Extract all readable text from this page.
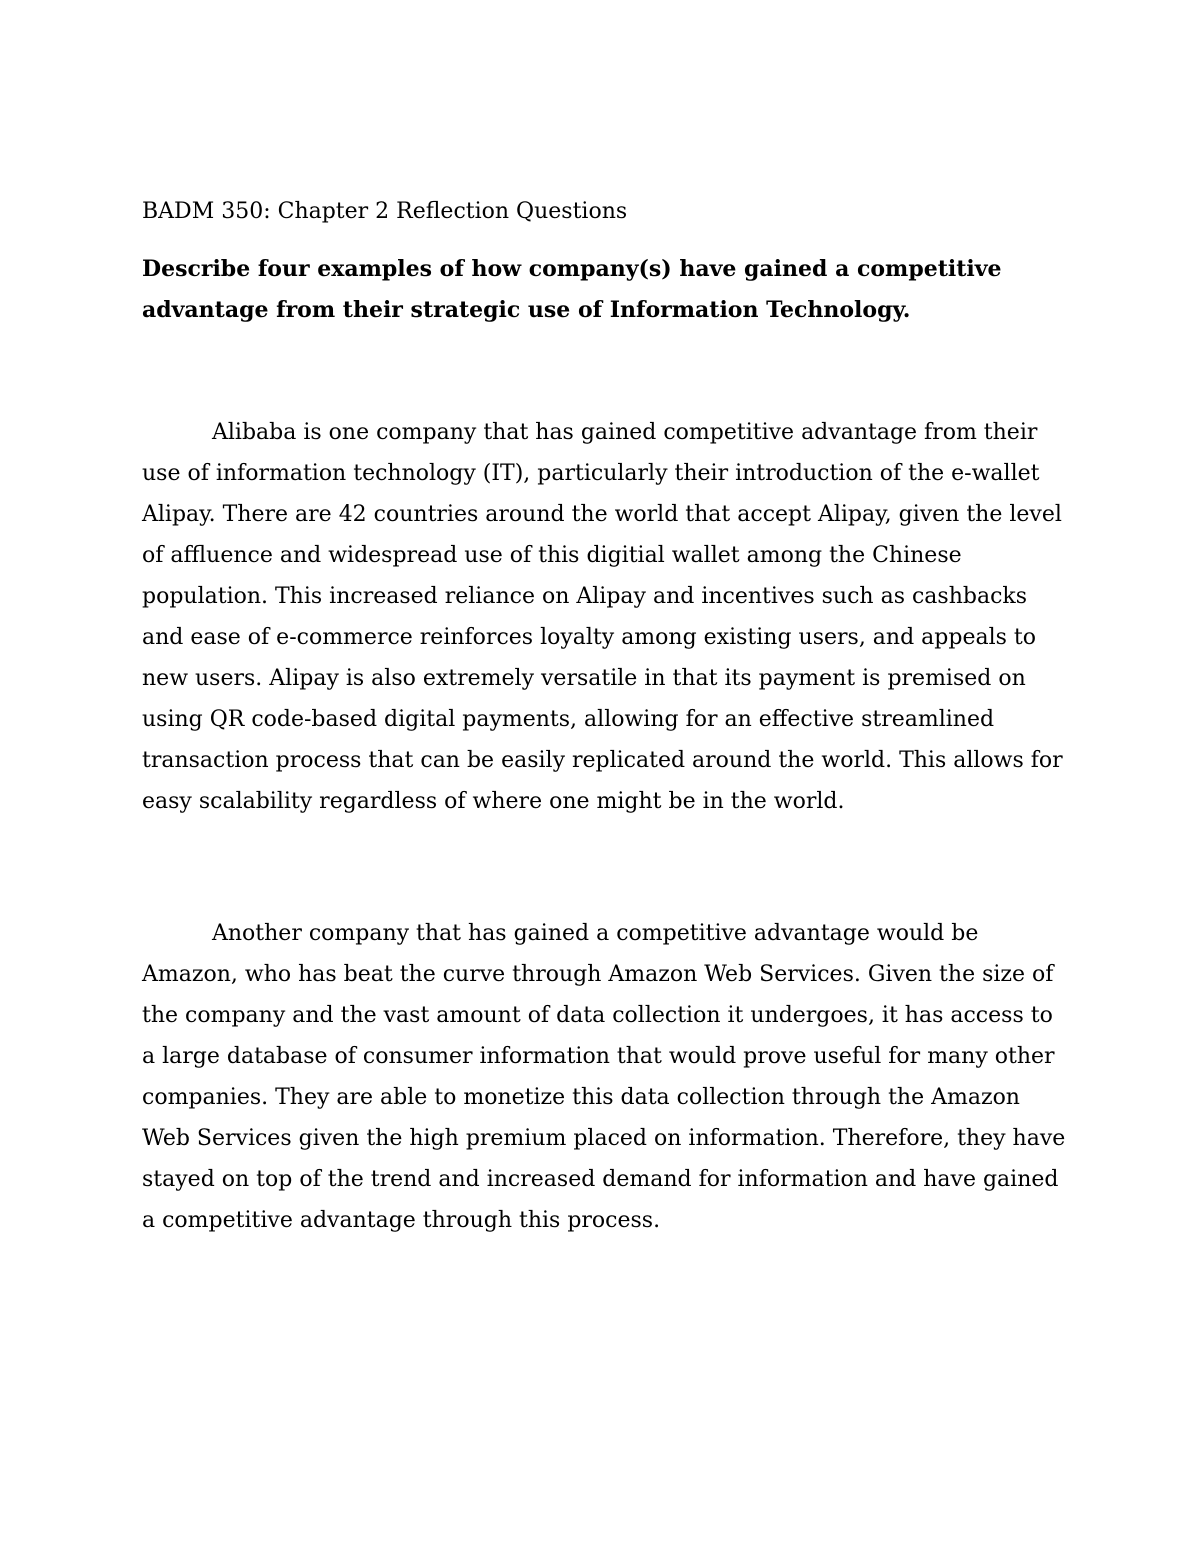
BADM 350: Chapter 2 Reflection Questions

Describe four examples of how company(s) have gained a competitive advantage from their strategic use of Information Technology.

Alibaba is one company that has gained competitive advantage from their use of information technology (IT), particularly their introduction of the e-wallet Alipay. There are 42 countries around the world that accept Alipay, given the level of affluence and widespread use of this digitial wallet among the Chinese population. This increased reliance on Alipay and incentives such as cashbacks and ease of e-commerce reinforces loyalty among existing users, and appeals to new users. Alipay is also extremely versatile in that its payment is premised on using QR code-based digital payments, allowing for an effective streamlined transaction process that can be easily replicated around the world. This allows for easy scalability regardless of where one might be in the world.

Another company that has gained a competitive advantage would be Amazon, who has beat the curve through Amazon Web Services. Given the size of the company and the vast amount of data collection it undergoes, it has access to a large database of consumer information that would prove useful for many other companies. They are able to monetize this data collection through the Amazon Web Services given the high premium placed on information. Therefore, they have stayed on top of the trend and increased demand for information and have gained a competitive advantage through this process.
